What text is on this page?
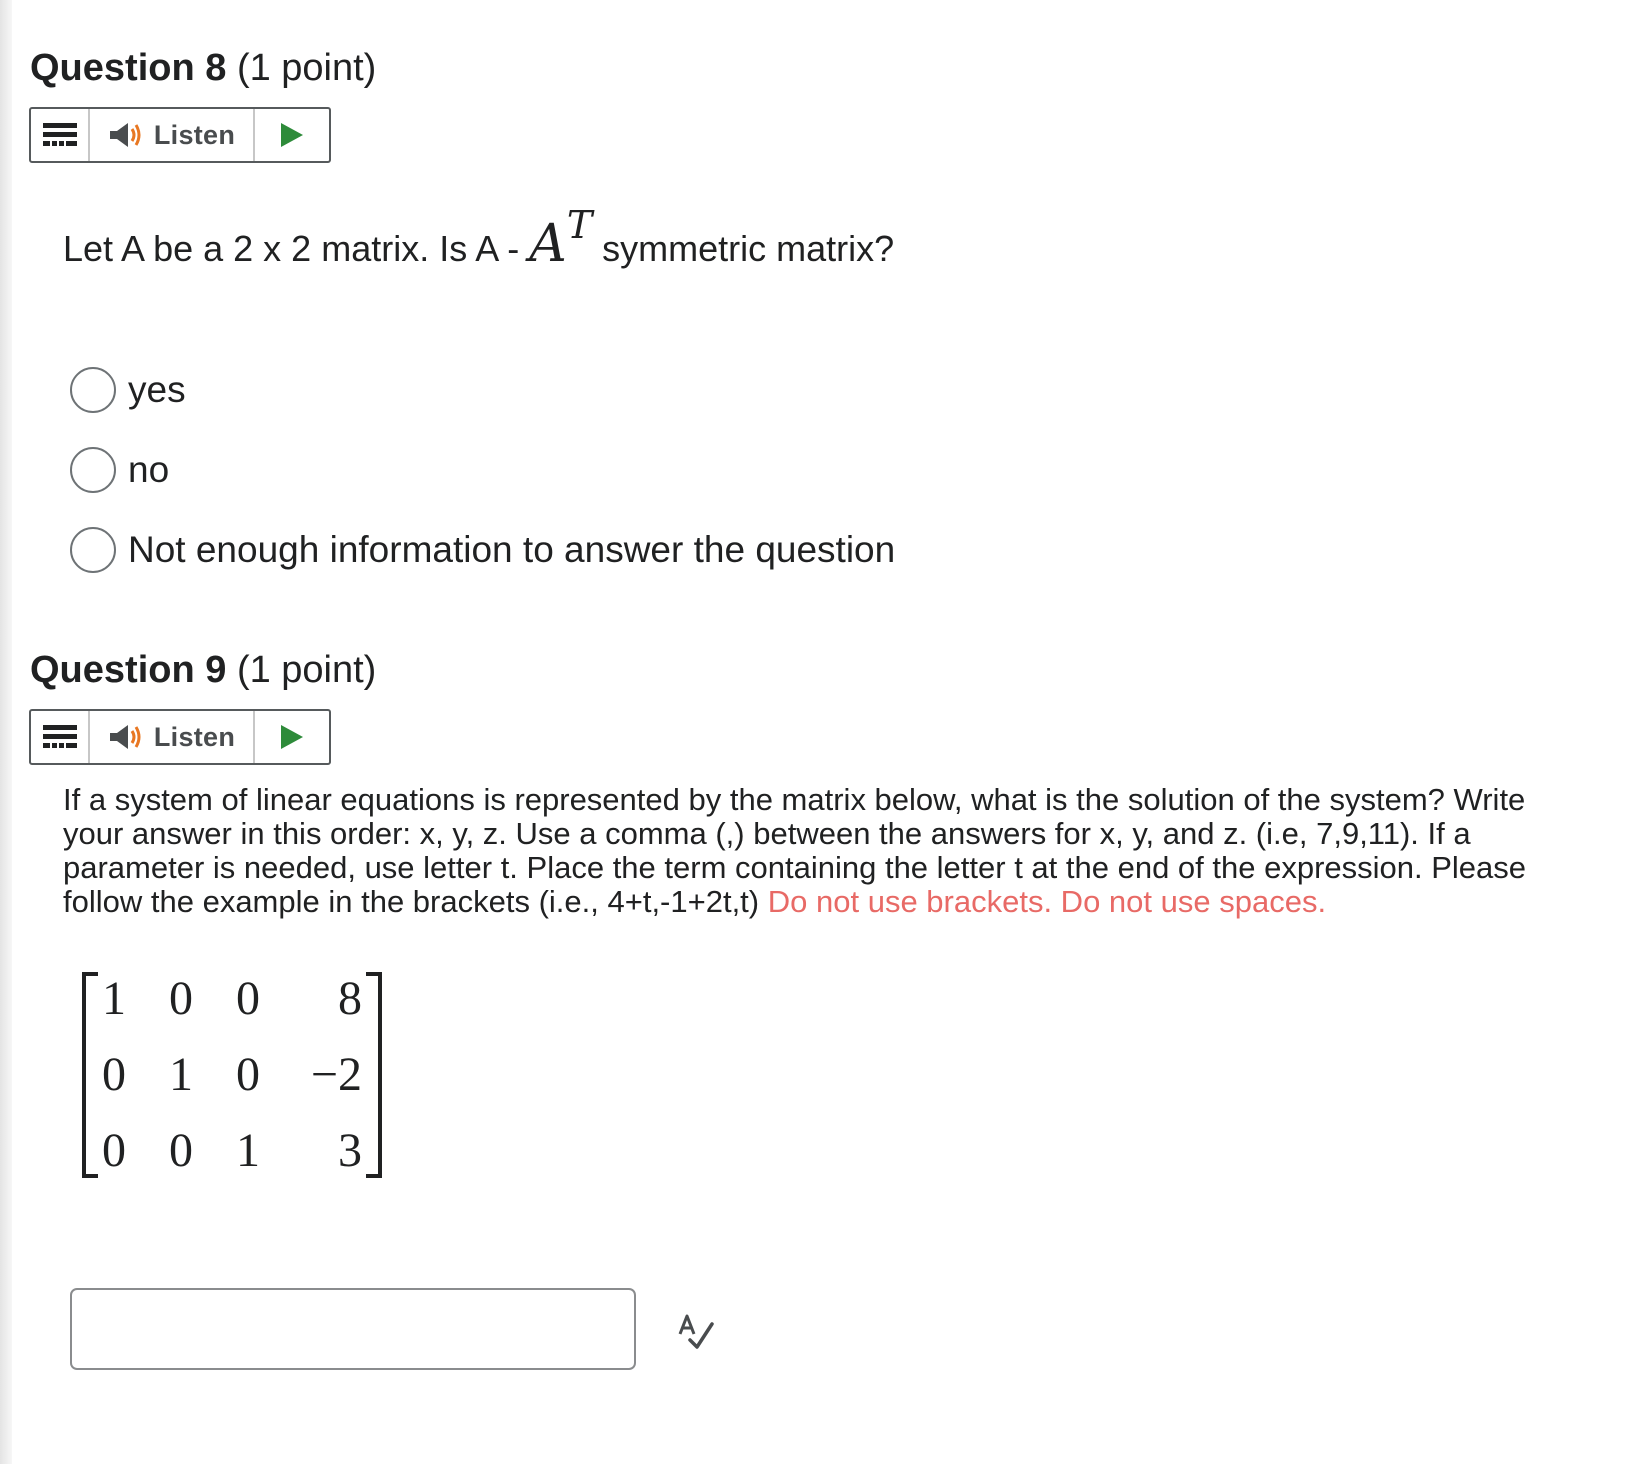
Question 8 (1 point)
Listen
Let A be a 2 x 2 matrix. Is A - $A^T$ symmetric matrix?
yes
no
Not enough information to answer the question
Question 9 (1 point)
Listen
If a system of linear equations is represented by the matrix below, what is the solution of the system? Write your answer in this order: x, y, z. Use a comma (,) between the answers for x, y, and z. (i.e, 7,9,11). If a parameter is needed, use letter t. Place the term containing the letter t at the end of the expression. Please follow the example in the brackets (i.e., 4+t,-1+2t,t) Do not use brackets. Do not use spaces.
1 0 0	8
0 1 0	−2
0 0 1	3
